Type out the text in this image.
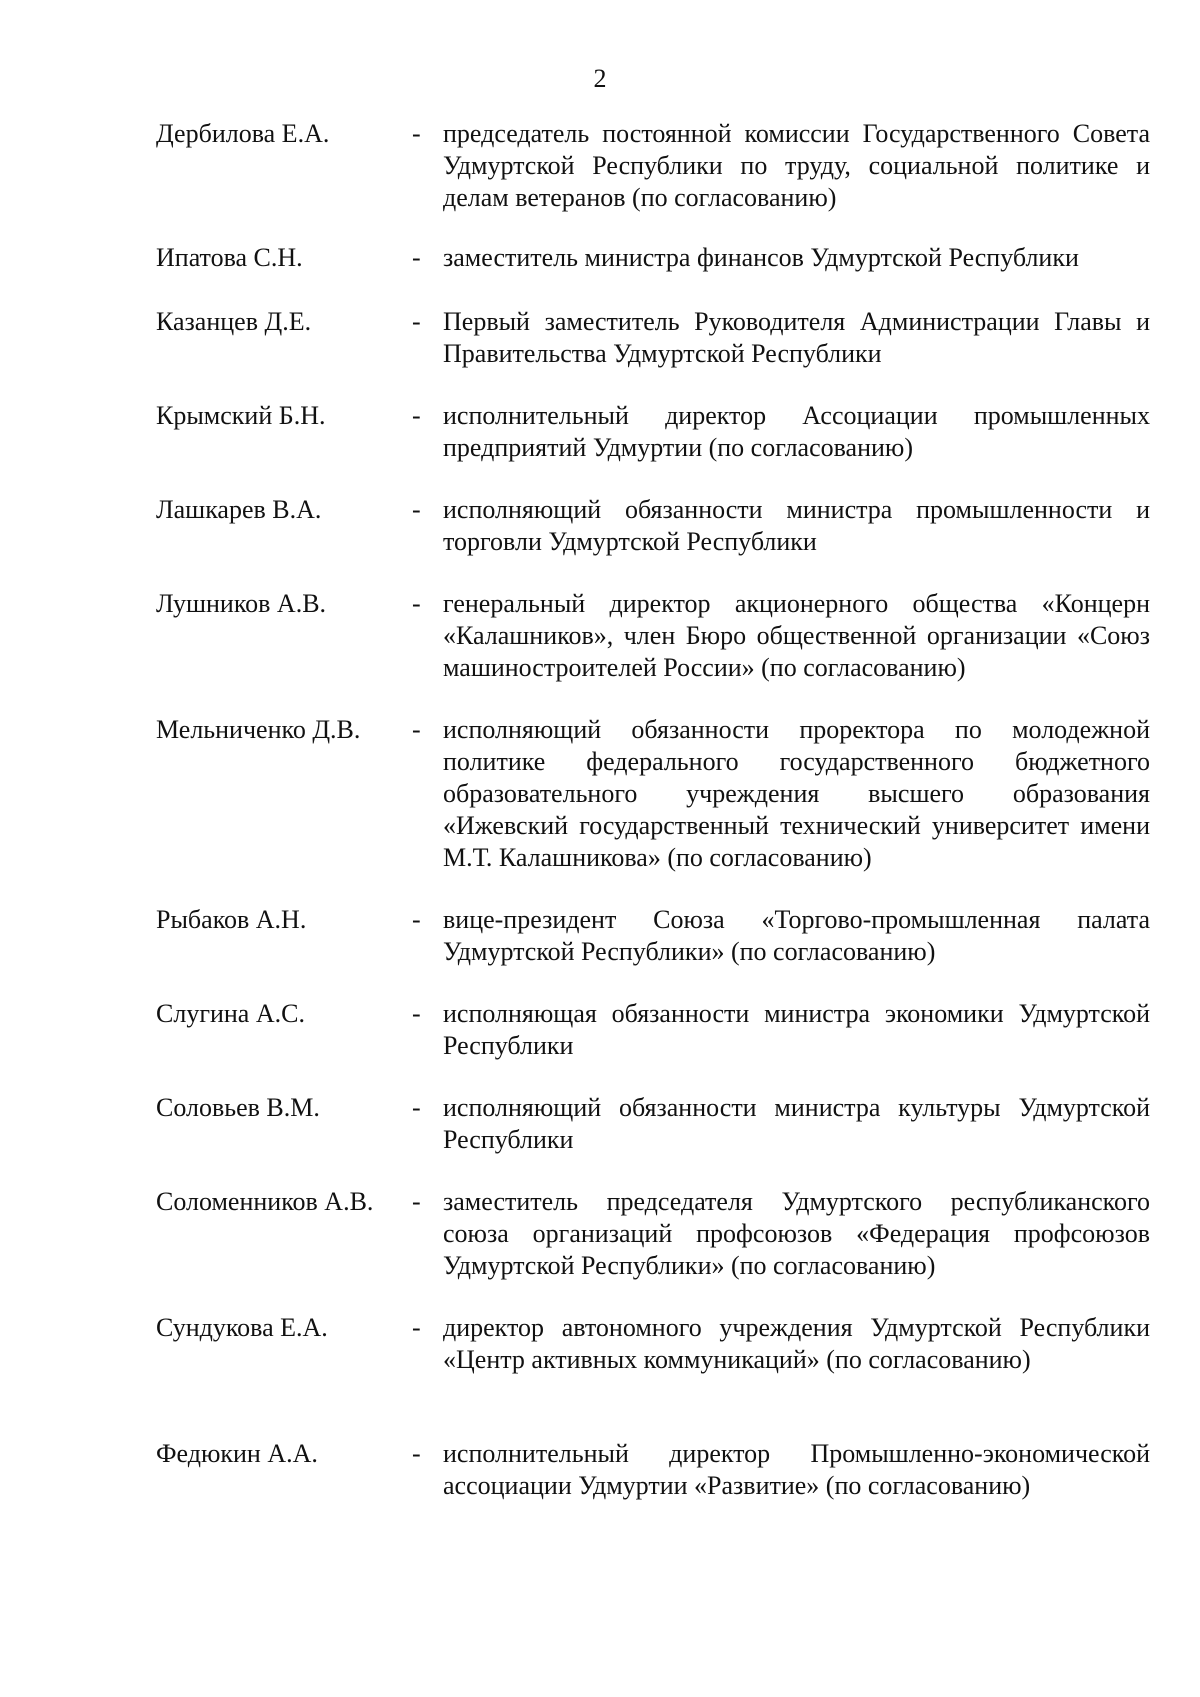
2
Дербилова Е.А.	- председатель постоянной комиссии Государственного Совета Удмуртской Республики по труду, социальной политике и делам ветеранов (по согласованию)
Ипатова С.Н.	- заместитель министра финансов Удмуртской Республики
Казанцев Д.Е.	- Первый заместитель Руководителя Администрации Главы и Правительства Удмуртской Республики
Крымский Б.Н.	- исполнительный директор Ассоциации промышленных предприятий Удмуртии (по согласованию)
Лашкарев В.А.	- исполняющий обязанности министра промышленности и торговли Удмуртской Республики
Лушников А.В.	- генеральный директор акционерного общества «Концерн «Калашников», член Бюро общественной организации «Союз машиностроителей России» (по согласованию)
Мельниченко Д.В. - исполняющий обязанности проректора по молодежной политике федерального государственного бюджетного образовательного учреждения высшего образования «Ижевский государственный технический университет имени М.Т. Калашникова» (по согласованию)
Рыбаков А.Н.	- вице-президент Союза «Торгово-промышленная палата Удмуртской Республики» (по согласованию)
Слугина А.С.	- исполняющая обязанности министра экономики Удмуртской Республики
Соловьев В.М.	- исполняющий обязанности министра культуры Удмуртской Республики
Соломенников А.В. - заместитель председателя Удмуртского республиканского союза организаций профсоюзов «Федерация профсоюзов Удмуртской Республики» (по согласованию)
Сундукова Е.А.	- директор автономного учреждения Удмуртской Республики «Центр активных коммуникаций» (по согласованию)
Федюкин А.А.	- исполнительный директор Промышленно-экономической ассоциации Удмуртии «Развитие» (по согласованию)
